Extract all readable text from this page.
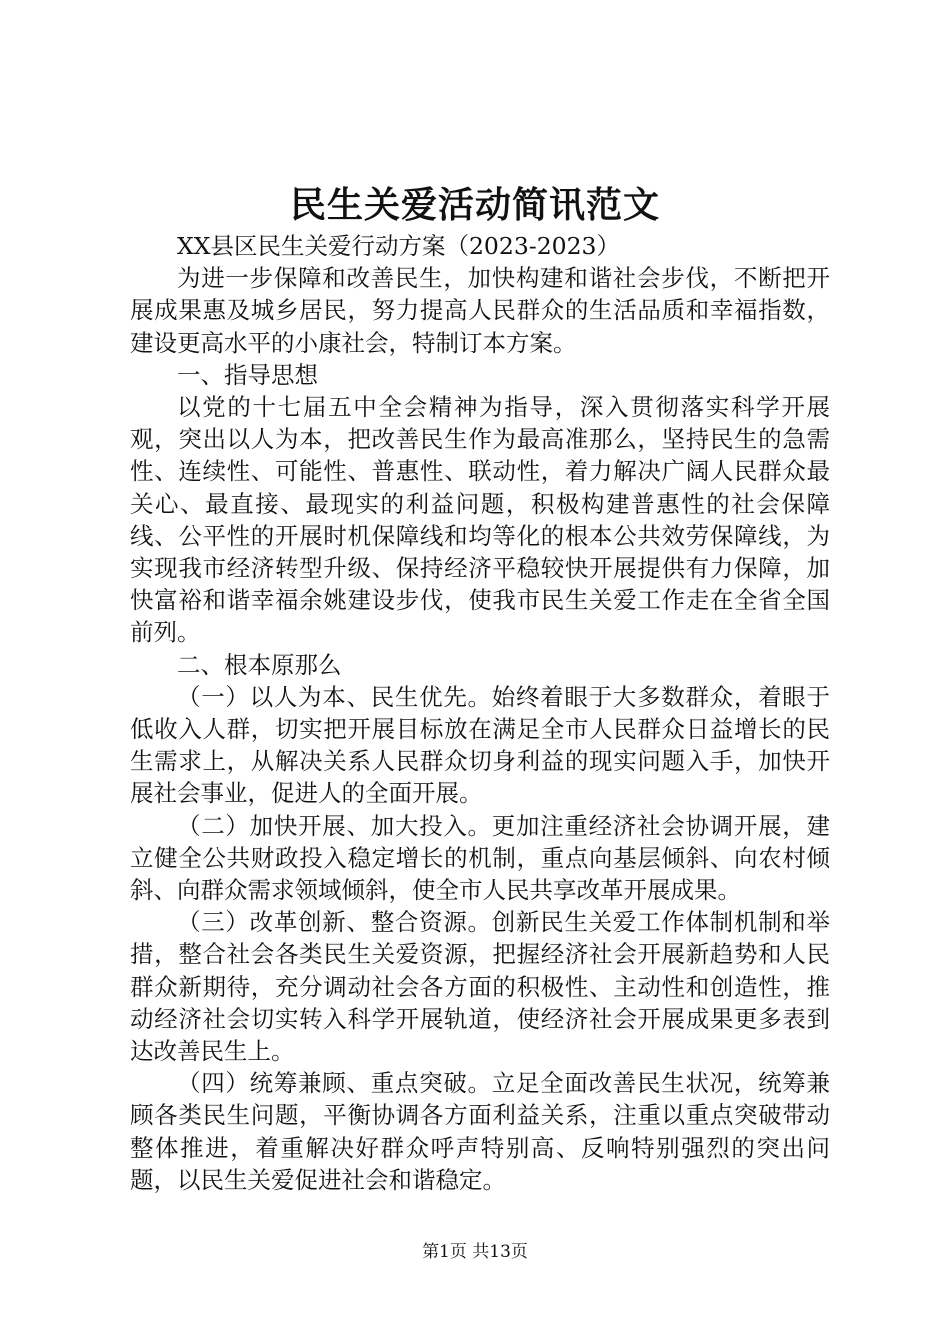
民生关爱活动简讯范文

XX县区民生关爱行动方案（2023-2023）

为进一步保障和改善民生，加快构建和谐社会步伐，不断把开展成果惠及城乡居民，努力提高人民群众的生活品质和幸福指数，建设更高水平的小康社会，特制订本方案。

一、指导思想

以党的十七届五中全会精神为指导，深入贯彻落实科学开展观，突出以人为本，把改善民生作为最高准那么，坚持民生的急需性、连续性、可能性、普惠性、联动性，着力解决广阔人民群众最关心、最直接、最现实的利益问题，积极构建普惠性的社会保障线、公平性的开展时机保障线和均等化的根本公共效劳保障线，为实现我市经济转型升级、保持经济平稳较快开展提供有力保障，加快富裕和谐幸福余姚建设步伐，使我市民生关爱工作走在全省全国前列。

二、根本原那么

（一）以人为本、民生优先。始终着眼于大多数群众，着眼于低收入人群，切实把开展目标放在满足全市人民群众日益增长的民生需求上，从解决关系人民群众切身利益的现实问题入手，加快开展社会事业，促进人的全面开展。

（二）加快开展、加大投入。更加注重经济社会协调开展，建立健全公共财政投入稳定增长的机制，重点向基层倾斜、向农村倾斜、向群众需求领域倾斜，使全市人民共享改革开展成果。

（三）改革创新、整合资源。创新民生关爱工作体制机制和举措，整合社会各类民生关爱资源，把握经济社会开展新趋势和人民群众新期待，充分调动社会各方面的积极性、主动性和创造性，推动经济社会切实转入科学开展轨道，使经济社会开展成果更多表到达改善民生上。

（四）统筹兼顾、重点突破。立足全面改善民生状况，统筹兼顾各类民生问题，平衡协调各方面利益关系，注重以重点突破带动整体推进，着重解决好群众呼声特别高、反响特别强烈的突出问题，以民生关爱促进社会和谐稳定。

第1页 共13页
